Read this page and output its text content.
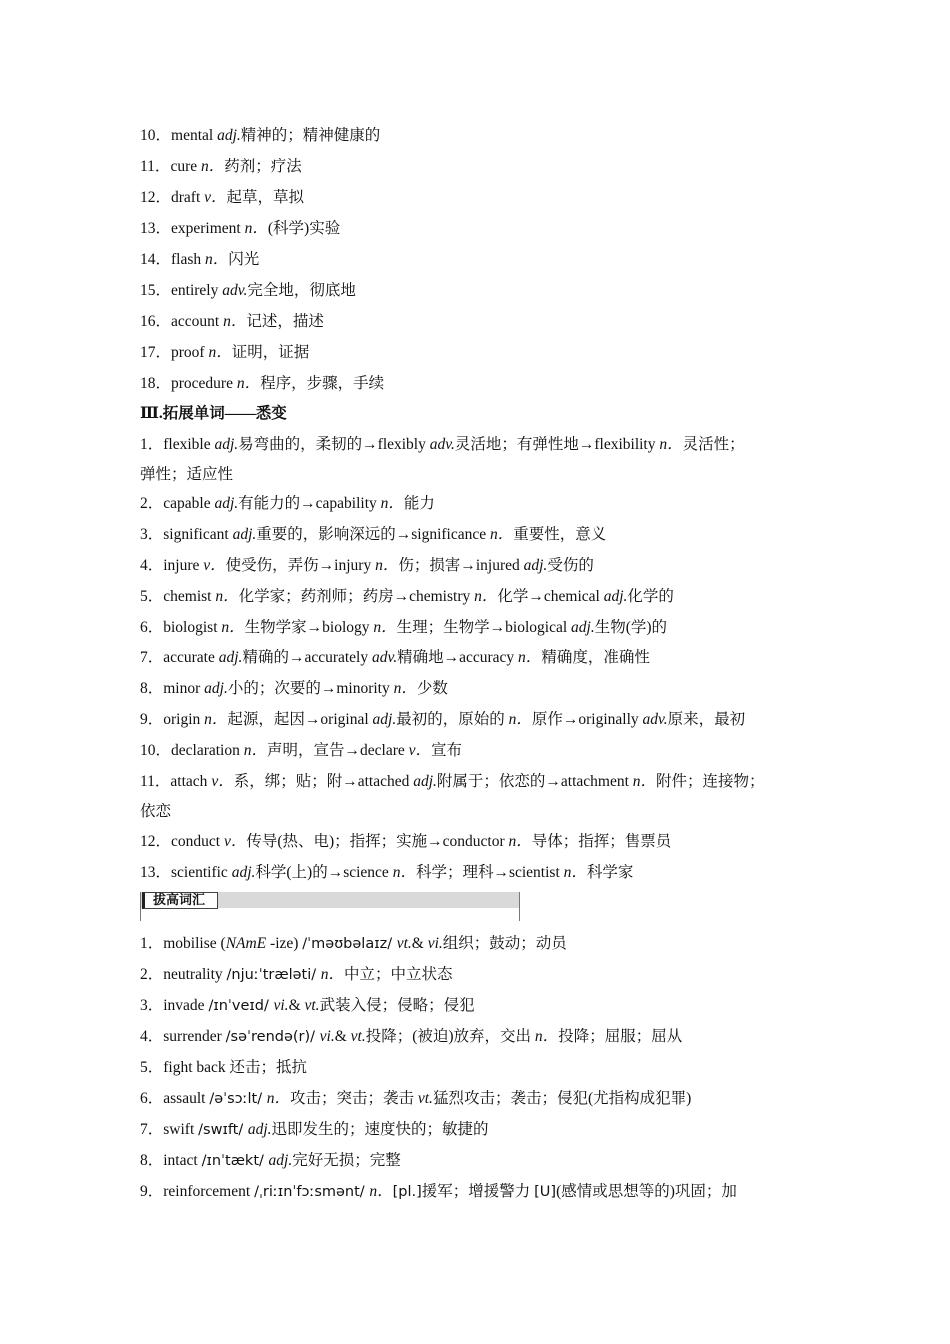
10．mental adj.精神的；精神健康的
11．cure n．药剂；疗法
12．draft v．起草，草拟
13．experiment n．(科学)实验
14．flash n．闪光
15．entirely adv.完全地，彻底地
16．account n．记述，描述
17．proof n．证明，证据
18．procedure n．程序，步骤，手续
Ⅲ.拓展单词——悉变
1．flexible adj.易弯曲的，柔韧的→flexibly adv.灵活地；有弹性地→flexibility n．灵活性；
弹性；适应性
2．capable adj.有能力的→capability n．能力
3．significant adj.重要的，影响深远的→significance n．重要性，意义
4．injure v．使受伤，弄伤→injury n．伤；损害→injured adj.受伤的
5．chemist n．化学家；药剂师；药房→chemistry n．化学→chemical adj.化学的
6．biologist n．生物学家→biology n．生理；生物学→biological adj.生物(学)的
7．accurate adj.精确的→accurately adv.精确地→accuracy n．精确度，准确性
8．minor adj.小的；次要的→minority n．少数
9．origin n．起源，起因→original adj.最初的，原始的 n．原作→originally adv.原来，最初
10．declaration n．声明，宣告→declare v．宣布
11．attach v．系，绑；贴；附→attached adj.附属于；依恋的→attachment n．附件；连接物；
依恋
12．conduct v．传导(热、电)；指挥；实施→conductor n．导体；指挥；售票员
13．scientific adj.科学(上)的→science n．科学；理科→scientist n．科学家
拔高词汇
1．mobilise (NAmE -ize) /ˈməʊbəlaɪz/ vt.& vi.组织；鼓动；动员
2．neutrality /njuːˈtræləti/ n．中立；中立状态
3．invade /ɪnˈveɪd/ vi.& vt.武装入侵；侵略；侵犯
4．surrender /səˈrendə(r)/ vi.& vt.投降；(被迫)放弃，交出 n．投降；屈服；屈从
5．fight back 还击；抵抗
6．assault /əˈsɔːlt/ n．攻击；突击；袭击 vt.猛烈攻击；袭击；侵犯(尤指构成犯罪)
7．swift /swɪft/ adj.迅即发生的；速度快的；敏捷的
8．intact /ɪnˈtækt/ adj.完好无损；完整
9．reinforcement /ˌriːɪnˈfɔːsmənt/ n．[pl.]援军；增援警力 [U](感情或思想等的)巩固；加
